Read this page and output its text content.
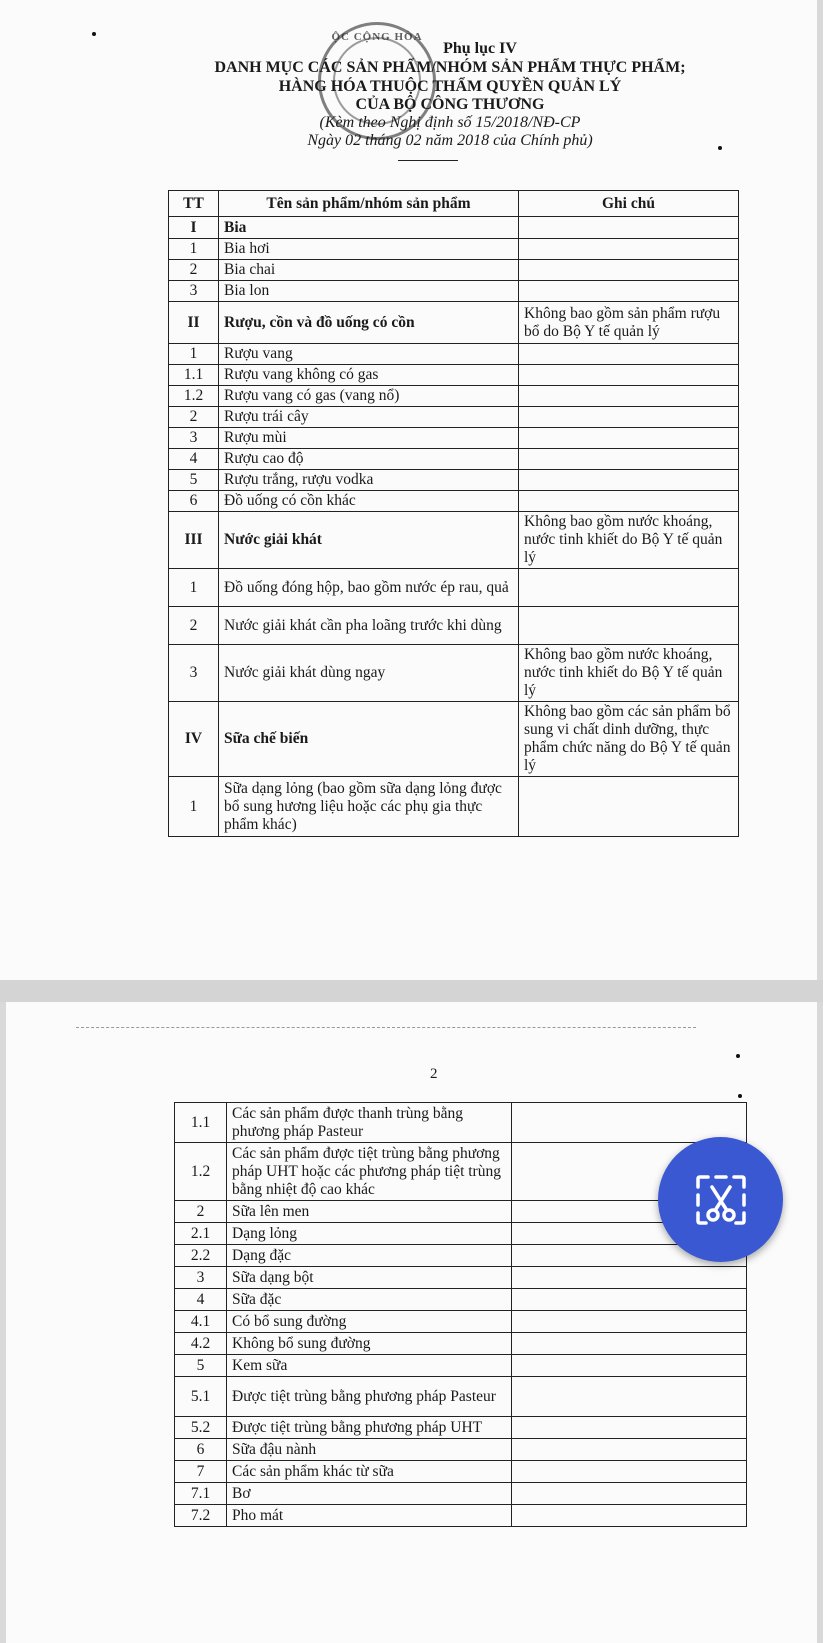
ỘC CỘNG HÒA
Phụ lục IV
DANH MỤC CÁC SẢN PHẨM/NHÓM SẢN PHẨM THỰC PHẨM;
HÀNG HÓA THUỘC THẨM QUYỀN QUẢN LÝ
CỦA BỘ CÔNG THƯƠNG
(Kèm theo Nghị định số 15/2018/NĐ-CP
Ngày 02 tháng 02 năm 2018 của Chính phủ)
TT	Tên sản phẩm/nhóm sản phẩm	Ghi chú
I	Bia	
1	Bia hơi	
2	Bia chai	
3	Bia lon	
II	Rượu, cồn và đồ uống có cồn	Không bao gồm sản phẩm rượu bổ do Bộ Y tế quản lý
1	Rượu vang	
1.1	Rượu vang không có gas	
1.2	Rượu vang có gas (vang nổ)	
2	Rượu trái cây	
3	Rượu mùi	
4	Rượu cao độ	
5	Rượu trắng, rượu vodka	
6	Đồ uống có cồn khác	
III	Nước giải khát	Không bao gồm nước khoáng, nước tinh khiết do Bộ Y tế quản lý
1	Đồ uống đóng hộp, bao gồm nước ép rau, quả	
2	Nước giải khát cần pha loãng trước khi dùng	
3	Nước giải khát dùng ngay	Không bao gồm nước khoáng, nước tinh khiết do Bộ Y tế quản lý
IV	Sữa chế biến	Không bao gồm các sản phẩm bổ sung vi chất dinh dưỡng, thực phẩm chức năng do Bộ Y tế quản lý
1	Sữa dạng lỏng (bao gồm sữa dạng lỏng được bổ sung hương liệu hoặc các phụ gia thực phẩm khác)	
2
1.1	Các sản phẩm được thanh trùng bằng phương pháp Pasteur	
1.2	Các sản phẩm được tiệt trùng bằng phương pháp UHT hoặc các phương pháp tiệt trùng bằng nhiệt độ cao khác	
2	Sữa lên men	
2.1	Dạng lỏng	
2.2	Dạng đặc	
3	Sữa dạng bột	
4	Sữa đặc	
4.1	Có bổ sung đường	
4.2	Không bổ sung đường	
5	Kem sữa	
5.1	Được tiệt trùng bằng phương pháp Pasteur	
5.2	Được tiệt trùng bằng phương pháp UHT	
6	Sữa đậu nành	
7	Các sản phẩm khác từ sữa	
7.1	Bơ	
7.2	Pho mát	
